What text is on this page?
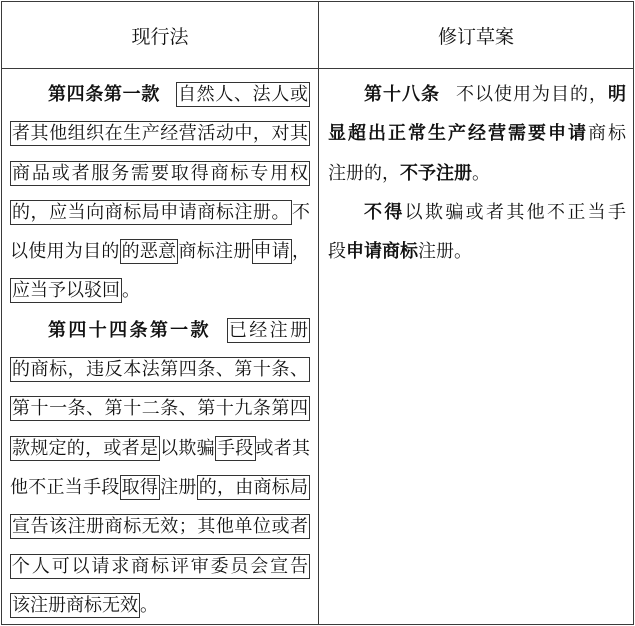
现行法	修订草案
第四条第一款 自然人、法人或
者其他组织在生产经营活动中，对其
商品或者服务需要取得商标专用权
的，应当向商标局申请商标注册。 不
以使用为目的 的恶意 商标注册 申请 ，
应当予以驳回 。
第四十四条第一款 已经注册
的商标，违反本法第四条、第十条、
第十一条、第十二条、第十九条第四
款规定的，或者是 以欺骗 手段 或者其
他不正当手段 取得 注册 的，由商标局
宣告该注册商标无效；其他单位或者
个人可以请求商标评审委员会宣告
该注册商标无效 。
第十八条 不以使用为目的，明
显超出正常生产经营需要申请商标
注册的，不予注册。
不得以欺骗或者其他不正当手
段申请商标注册。
